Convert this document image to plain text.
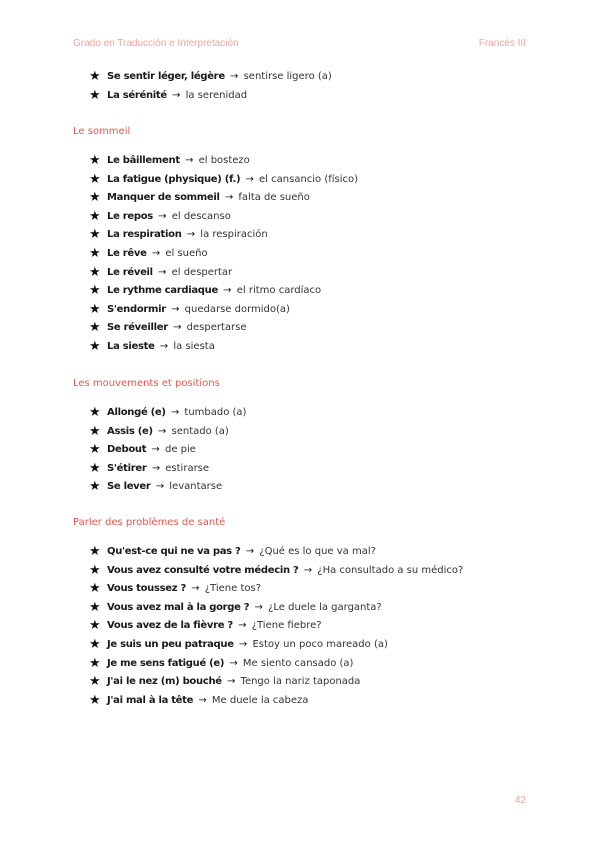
Grado en Traducción e Interpretación	Francés III
★ Se sentir léger, légère → sentirse ligero (a)
★ La sérénité → la serenidad
Le sommeil
★ Le bâillement → el bostezo
★ La fatigue (physique) (f.) → el cansancio (físico)
★ Manquer de sommeil → falta de sueño
★ Le repos → el descanso
★ La respiration → la respiración
★ Le rêve → el sueño
★ Le réveil → el despertar
★ Le rythme cardiaque → el ritmo cardíaco
★ S'endormir → quedarse dormido(a)
★ Se réveiller → despertarse
★ La sieste → la siesta
Les mouvements et positions
★ Allongé (e) → tumbado (a)
★ Assis (e) → sentado (a)
★ Debout → de pie
★ S'étirer → estirarse
★ Se lever → levantarse
Parler des problèmes de santé
★ Qu'est-ce qui ne va pas ? → ¿Qué es lo que va mal?
★ Vous avez consulté votre médecin ? → ¿Ha consultado a su médico?
★ Vous toussez ? → ¿Tiene tos?
★ Vous avez mal à la gorge ? → ¿Le duele la garganta?
★ Vous avez de la fièvre ? → ¿Tiene fiebre?
★ Je suis un peu patraque → Estoy un poco mareado (a)
★ Je me sens fatigué (e) → Me siento cansado (a)
★ J'ai le nez (m) bouché → Tengo la nariz taponada
★ J'ai mal à la tête → Me duele la cabeza
42
